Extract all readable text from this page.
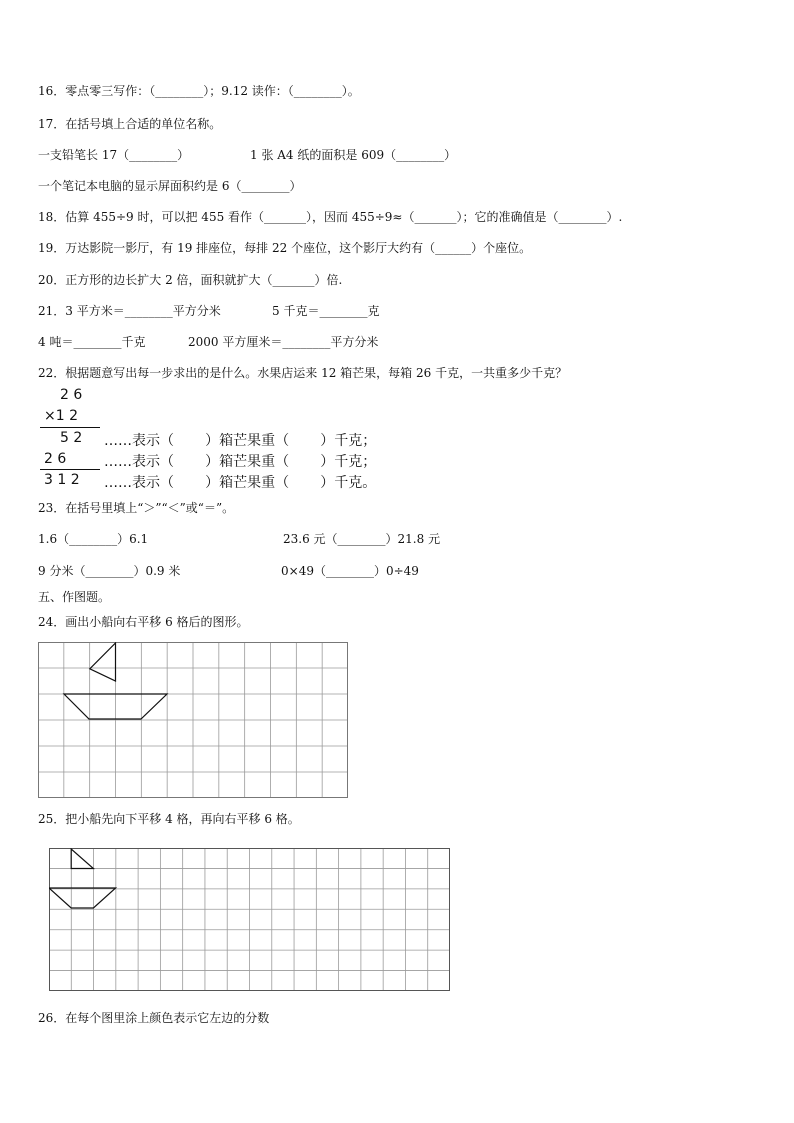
16．零点零三写作：（________）；9.12 读作：（________）。
17．在括号填上合适的单位名称。
一支铅笔长 17（________）	1 张 A4 纸的面积是 609（________）
一个笔记本电脑的显示屏面积约是 6（________）
18．估算 455÷9 时，可以把 455 看作（_______），因而 455÷9≈（_______）；它的准确值是（________）.
19．万达影院一影厅，有 19 排座位，每排 22 个座位，这个影厅大约有（______）个座位。
20．正方形的边长扩大 2 倍，面积就扩大（_______）倍.
21．3 平方米＝________平方分米	5 千克＝________克
4 吨＝________千克	2000 平方厘米＝________平方分米
22．根据题意写出每一步求出的是什么。水果店运来 12 箱芒果，每箱 26 千克，一共重多少千克？
2 6
×1 2
5 2
2 6
3 1 2
……表示（       ）箱芒果重（       ）千克；
……表示（       ）箱芒果重（       ）千克；
……表示（       ）箱芒果重（       ）千克。
23．在括号里填上“＞”“＜”或“＝”。
1.6（________）6.1	23.6 元（________）21.8 元
9 分米（________）0.9 米	0×49（________）0÷49
五、作图题。
24．画出小船向右平移 6 格后的图形。
25．把小船先向下平移 4 格，再向右平移 6 格。
26．在每个图里涂上颜色表示它左边的分数
